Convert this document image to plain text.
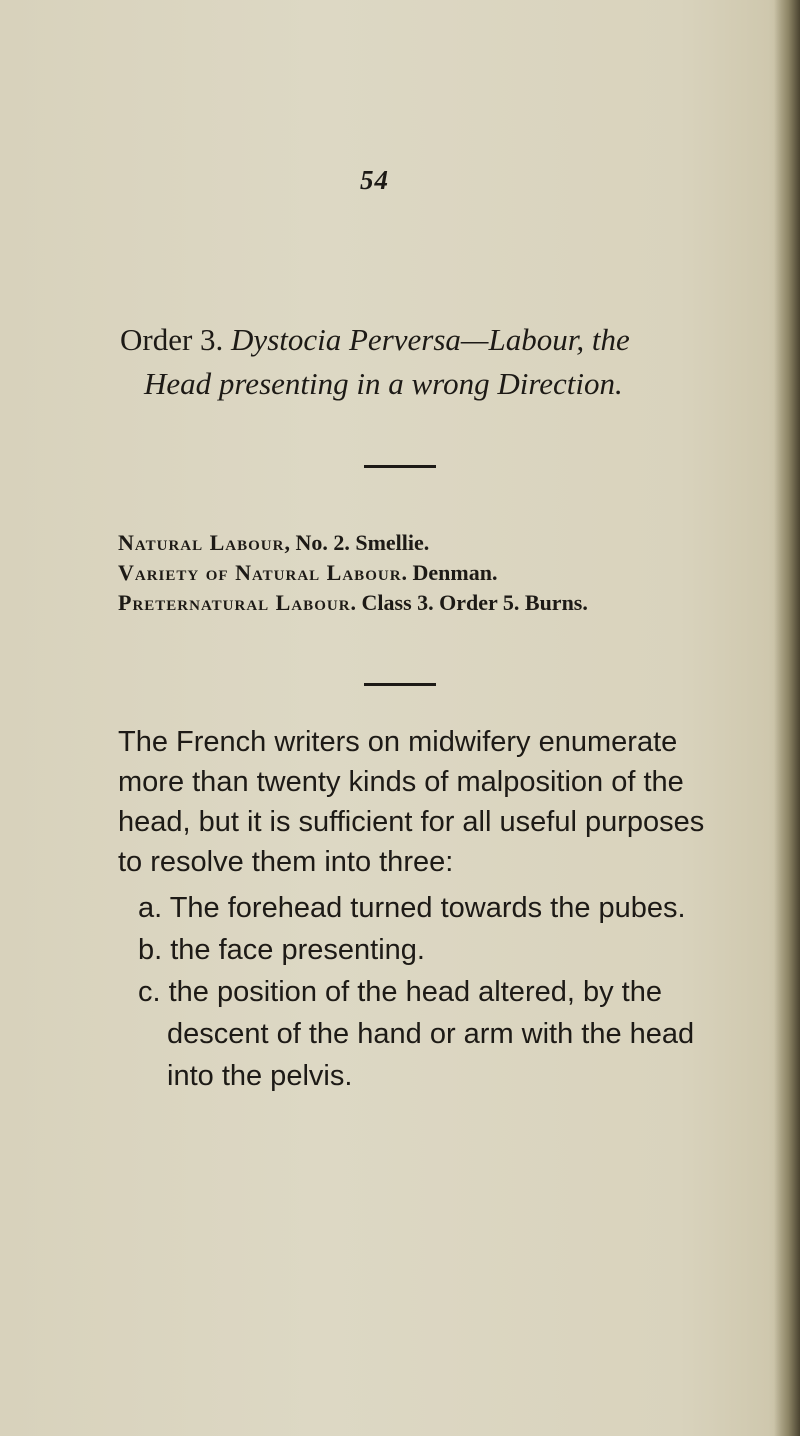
54
Order 3. Dystocia Perversa—Labour, the
Head presenting in a wrong Direction.
Natural Labour, No. 2. Smellie.
Variety of Natural Labour. Denman.
Preternatural Labour. Class 3. Order 5. Burns.
The French writers on midwifery enumerate
more than twenty kinds of malposition of the
head, but it is sufficient for all useful purposes
to resolve them into three:
a. The forehead turned towards the pubes.
b. the face presenting.
c. the position of the head altered, by the
descent of the hand or arm with the head
into the pelvis.
